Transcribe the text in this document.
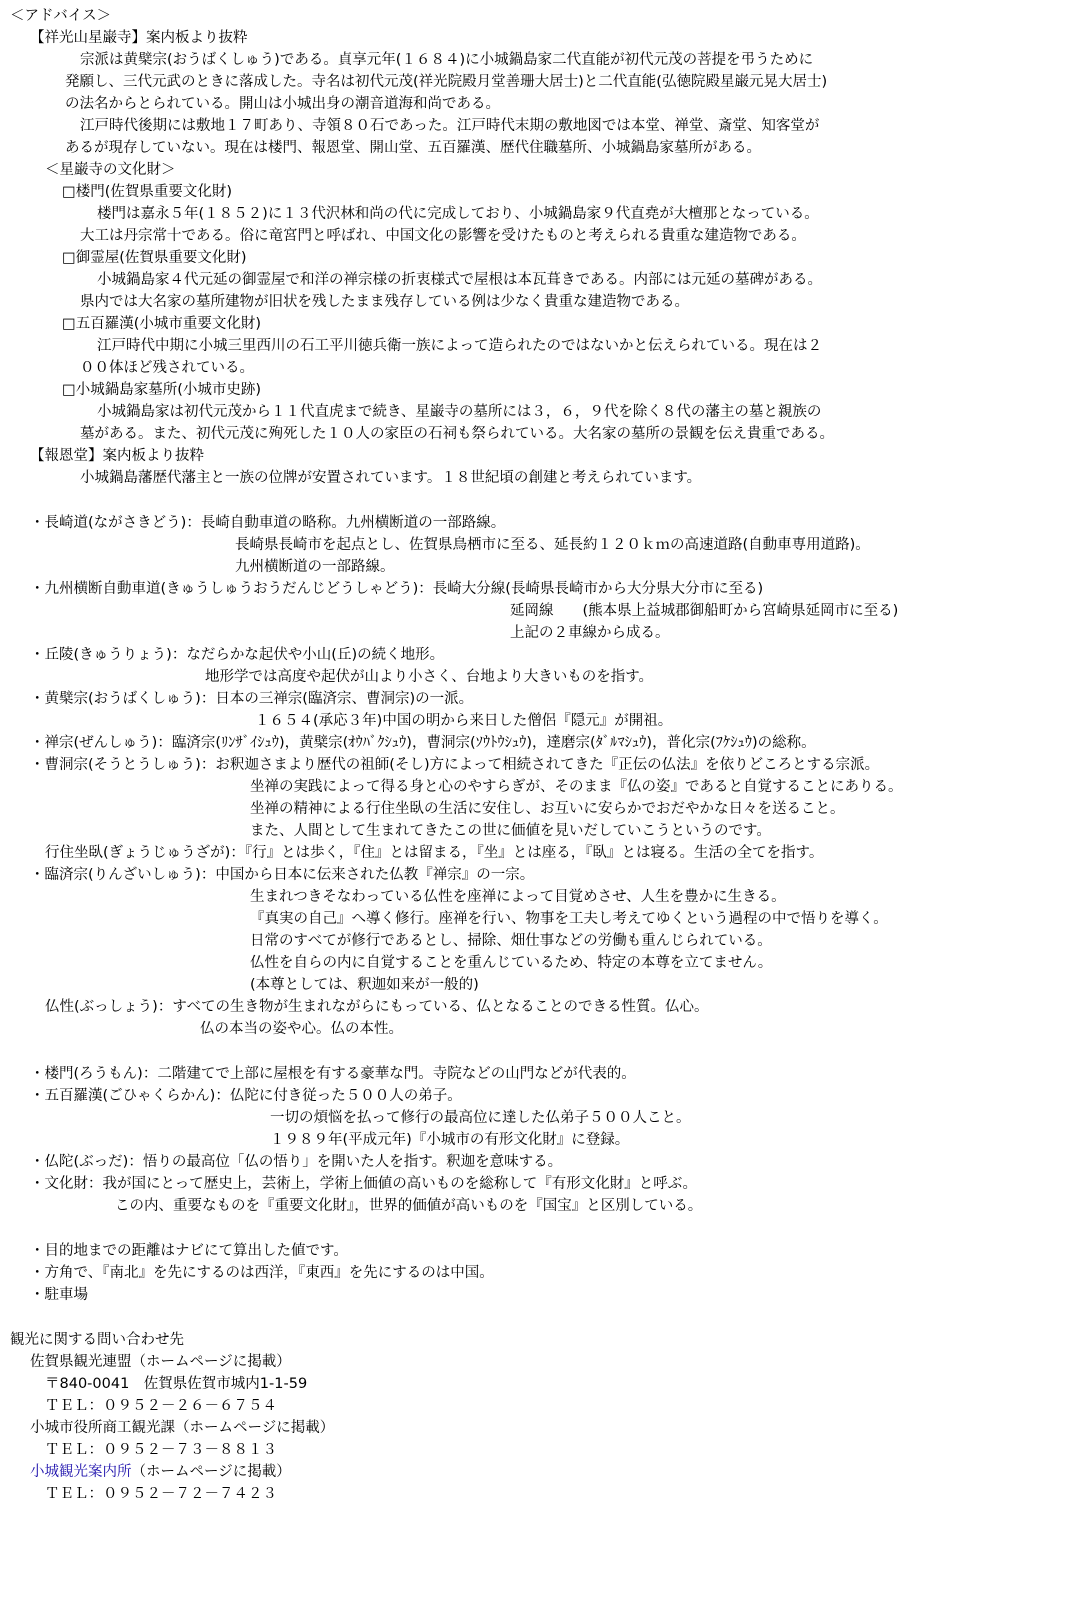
＜アドバイス＞
【祥光山星巌寺】案内板より抜粋
宗派は黄檗宗(おうばくしゅう)である。貞享元年(１６８４)に小城鍋島家二代直能が初代元茂の菩提を弔うために
発願し、三代元武のときに落成した。寺名は初代元茂(祥光院殿月堂善珊大居士)と二代直能(弘徳院殿星巌元晃大居士)
の法名からとられている。開山は小城出身の潮音道海和尚である。
江戸時代後期には敷地１７町あり、寺領８０石であった。江戸時代末期の敷地図では本堂、禅堂、斎堂、知客堂が
あるが現存していない。現在は楼門、報恩堂、開山堂、五百羅漢、歴代住職墓所、小城鍋島家墓所がある。
＜星巌寺の文化財＞
□楼門(佐賀県重要文化財)
楼門は嘉永５年(１８５２)に１３代沢林和尚の代に完成しており、小城鍋島家９代直堯が大檀那となっている。
大工は丹宗常十である。俗に竜宮門と呼ばれ、中国文化の影響を受けたものと考えられる貴重な建造物である。
□御霊屋(佐賀県重要文化財)
小城鍋島家４代元延の御霊屋で和洋の禅宗様の折衷様式で屋根は本瓦葺きである。内部には元延の墓碑がある。
県内では大名家の墓所建物が旧状を残したまま残存している例は少なく貴重な建造物である。
□五百羅漢(小城市重要文化財)
江戸時代中期に小城三里西川の石工平川徳兵衛一族によって造られたのではないかと伝えられている。現在は２
００体ほど残されている。
□小城鍋島家墓所(小城市史跡)
小城鍋島家は初代元茂から１１代直虎まで続き、星巌寺の墓所には３，６，９代を除く８代の藩主の墓と親族の
墓がある。また、初代元茂に殉死した１０人の家臣の石祠も祭られている。大名家の墓所の景観を伝え貴重である。
【報恩堂】案内板より抜粋
小城鍋島藩歴代藩主と一族の位牌が安置されています。１８世紀頃の創建と考えられています。
・長崎道(ながさきどう)：長崎自動車道の略称。九州横断道の一部路線。
長崎県長崎市を起点とし、佐賀県鳥栖市に至る、延長約１２０ｋｍの高速道路(自動車専用道路)。
九州横断道の一部路線。
・九州横断自動車道(きゅうしゅうおうだんじどうしゃどう)：長崎大分線(長崎県長崎市から大分県大分市に至る)
延岡線　　(熊本県上益城郡御船町から宮崎県延岡市に至る)
上記の２車線から成る。
・丘陵(きゅうりょう)：なだらかな起伏や小山(丘)の続く地形。
地形学では高度や起伏が山より小さく、台地より大きいものを指す。
・黄檗宗(おうばくしゅう)：日本の三禅宗(臨済宗、曹洞宗)の一派。
１６５４(承応３年)中国の明から来日した僧侶『隠元』が開祖。
・禅宗(ぜんしゅう)：臨済宗(ﾘﾝｻﾞｲｼｭｳ)，黄檗宗(ｵｳﾊﾞｸｼｭｳ)，曹洞宗(ｿｳﾄｳｼｭｳ)，達磨宗(ﾀﾞﾙﾏｼｭｳ)，普化宗(ﾌｹｼｭｳ)の総称。
・曹洞宗(そうとうしゅう)：お釈迦さまより歴代の祖師(そし)方によって相続されてきた『正伝の仏法』を依りどころとする宗派。
坐禅の実践によって得る身と心のやすらぎが、そのまま『仏の姿』であると自覚することにありる。
坐禅の精神による行住坐臥の生活に安住し、お互いに安らかでおだやかな日々を送ること。
また、人間として生まれてきたこの世に価値を見いだしていこうというのです。
行住坐臥(ぎょうじゅうざが)：『行』とは歩く，『住』とは留まる，『坐』とは座る，『臥』とは寝る。生活の全てを指す。
・臨済宗(りんざいしゅう)：中国から日本に伝来された仏教『禅宗』の一宗。
生まれつきそなわっている仏性を座禅によって目覚めさせ、人生を豊かに生きる。
『真実の自己』へ導く修行。座禅を行い、物事を工夫し考えてゆくという過程の中で悟りを導く。
日常のすべてが修行であるとし、掃除、畑仕事などの労働も重んじられている。
仏性を自らの内に自覚することを重んじているため、特定の本尊を立てません。
(本尊としては、釈迦如来が一般的)
仏性(ぶっしょう)：すべての生き物が生まれながらにもっている、仏となることのできる性質。仏心。
仏の本当の姿や心。仏の本性。
・楼門(ろうもん)：二階建てで上部に屋根を有する豪華な門。寺院などの山門などが代表的。
・五百羅漢(ごひゃくらかん)：仏陀に付き従った５００人の弟子。
一切の煩悩を払って修行の最高位に達した仏弟子５００人こと。
１９８９年(平成元年)『小城市の有形文化財』に登録。
・仏陀(ぶっだ)：悟りの最高位「仏の悟り」を開いた人を指す。釈迦を意味する。
・文化財：我が国にとって歴史上，芸術上，学術上価値の高いものを総称して『有形文化財』と呼ぶ。
この内、重要なものを『重要文化財』，世界的価値が高いものを『国宝』と区別している。
・目的地までの距離はナビにて算出した値です。
・方角で、『南北』を先にするのは西洋，『東西』を先にするのは中国。
・駐車場
観光に関する問い合わせ先
佐賀県観光連盟（ホームページに掲載）
〒840-0041　佐賀県佐賀市城内1-1-59
ＴＥＬ：０９５２－２６－６７５４
小城市役所商工観光課（ホームページに掲載）
ＴＥＬ：０９５２－７３－８８１３
小城観光案内所（ホームページに掲載）
ＴＥＬ：０９５２－７２－７４２３
